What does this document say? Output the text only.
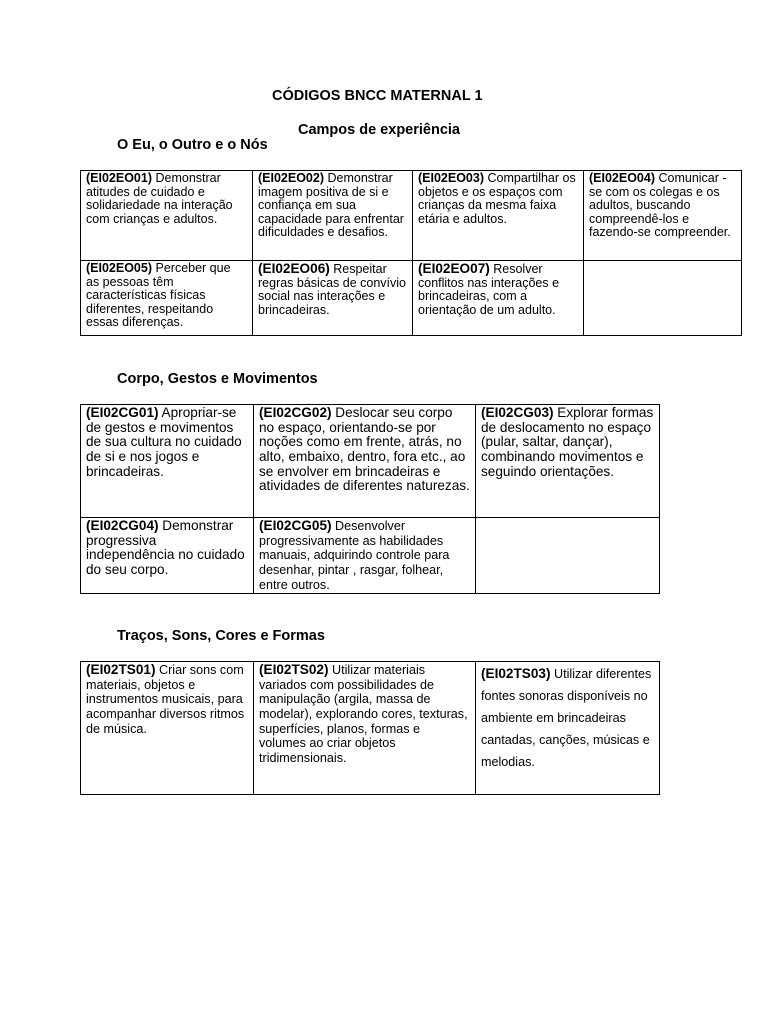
CÓDIGOS BNCC MATERNAL 1
Campos de experiência
O Eu, o Outro e o Nós
(EI02EO01) Demonstrar atitudes de cuidado e solidariedade na interação com crianças e adultos.	(EI02EO02) Demonstrar imagem positiva de si e confiança em sua capacidade para enfrentar dificuldades e desafios.	(EI02EO03) Compartilhar os objetos e os espaços com crianças da mesma faixa etária e adultos.	(EI02EO04) Comunicar -se com os colegas e os adultos, buscando compreendê-los e fazendo-se compreender.
(EI02EO05) Perceber que as pessoas têm características físicas diferentes, respeitando essas diferenças.	(EI02EO06) Respeitar regras básicas de convívio social nas interações e brincadeiras.	(EI02EO07) Resolver conflitos nas interações e brincadeiras, com a orientação de um adulto.	
Corpo, Gestos e Movimentos
(EI02CG01) Apropriar-se de gestos e movimentos de sua cultura no cuidado de si e nos jogos e brincadeiras.	(EI02CG02) Deslocar seu corpo no espaço, orientando-se por noções como em frente, atrás, no alto, embaixo, dentro, fora etc., ao se envolver em brincadeiras e atividades de diferentes naturezas.	(EI02CG03) Explorar formas de deslocamento no espaço (pular, saltar, dançar), combinando movimentos e seguindo orientações.
(EI02CG04) Demonstrar progressiva independência no cuidado do seu corpo.	(EI02CG05) Desenvolver progressivamente as habilidades manuais, adquirindo controle para desenhar, pintar , rasgar, folhear, entre outros.	
Traços, Sons, Cores e Formas
(EI02TS01) Criar sons com materiais, objetos e instrumentos musicais, para acompanhar diversos ritmos de música.	(EI02TS02) Utilizar materiais variados com possibilidades de manipulação (argila, massa de modelar), explorando cores, texturas, superfícies, planos, formas e volumes ao criar objetos tridimensionais.	(EI02TS03) Utilizar diferentes fontes sonoras disponíveis no ambiente em brincadeiras cantadas, canções, músicas e melodias.
